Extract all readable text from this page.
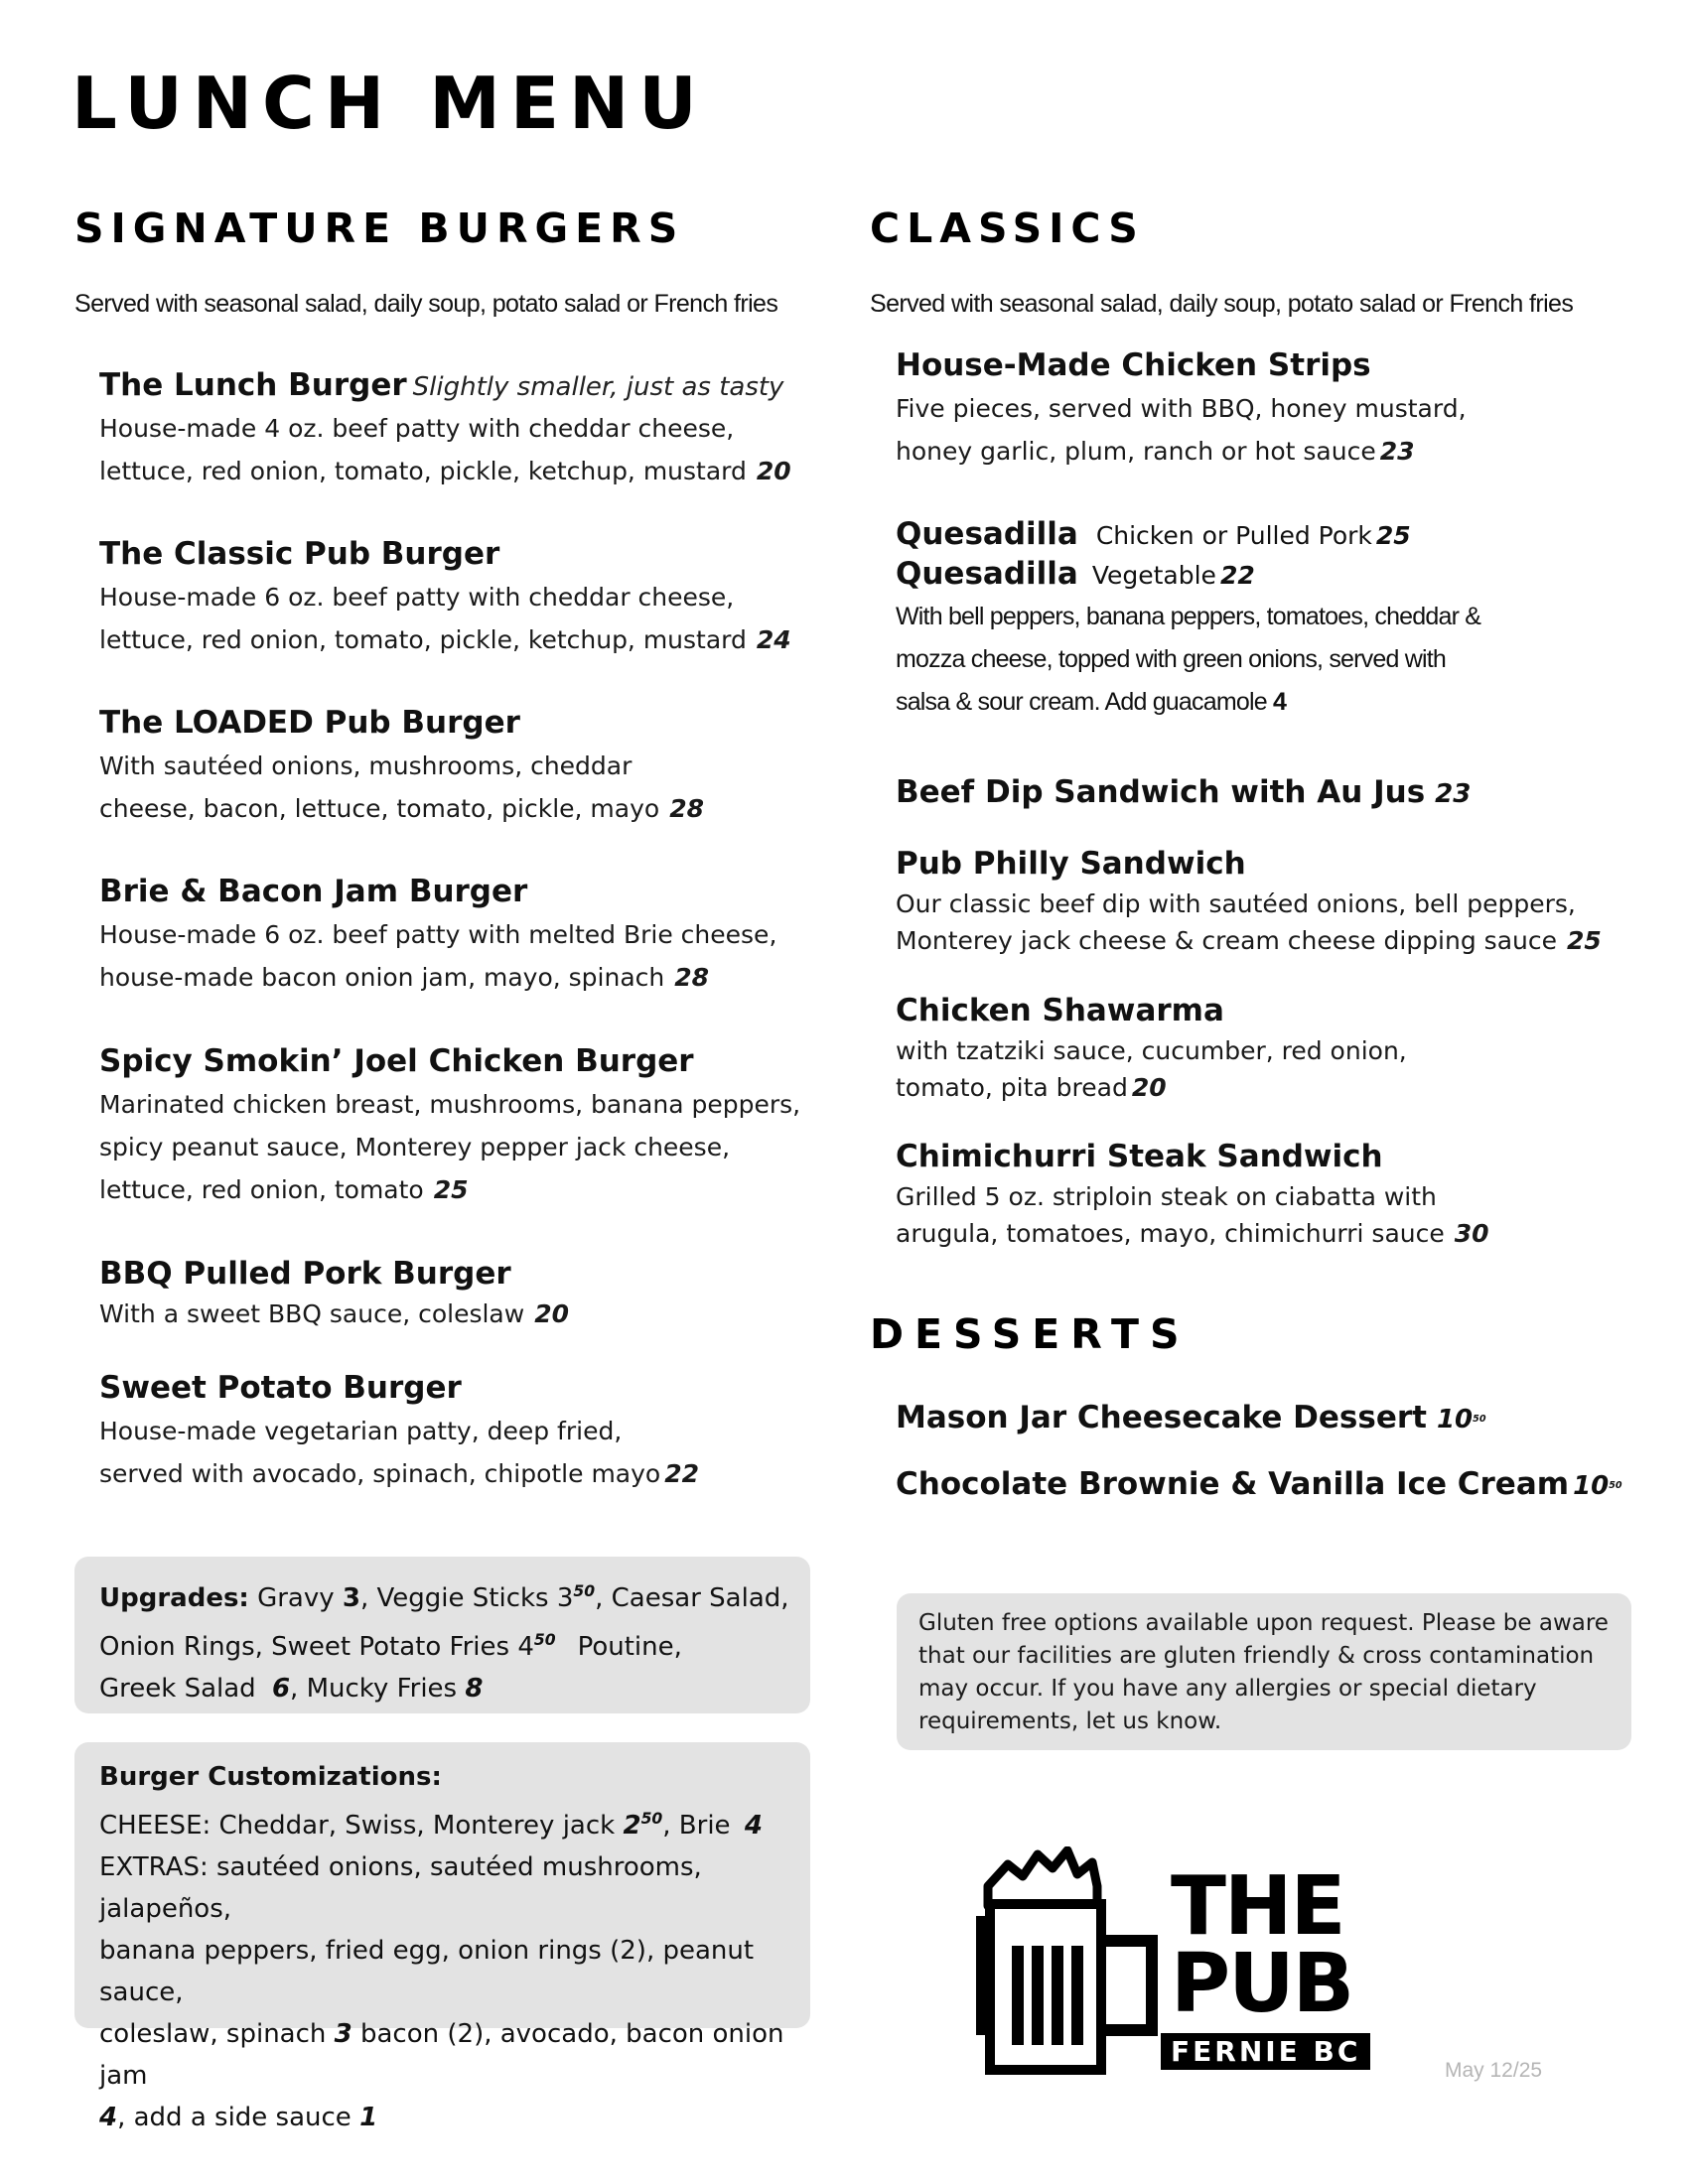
LUNCH MENU
SIGNATURE BURGERS
Served with seasonal salad, daily soup, potato salad or French fries
The Lunch Burger Slightly smaller, just as tasty
House-made 4 oz. beef patty with cheddar cheese,
lettuce, red onion, tomato, pickle, ketchup, mustard 20
The Classic Pub Burger
House-made 6 oz. beef patty with cheddar cheese,
lettuce, red onion, tomato, pickle, ketchup, mustard 24
The LOADED Pub Burger
With sautéed onions, mushrooms, cheddar
cheese, bacon, lettuce, tomato, pickle, mayo 28
Brie & Bacon Jam Burger
House-made 6 oz. beef patty with melted Brie cheese,
house-made bacon onion jam, mayo, spinach 28
Spicy Smokin’ Joel Chicken Burger
Marinated chicken breast, mushrooms, banana peppers,
spicy peanut sauce, Monterey pepper jack cheese,
lettuce, red onion, tomato 25
BBQ Pulled Pork Burger
With a sweet BBQ sauce, coleslaw 20
Sweet Potato Burger
House-made vegetarian patty, deep fried,
served with avocado, spinach, chipotle mayo 22
Upgrades: Gravy 3, Veggie Sticks $3^{50}$, Caesar Salad,
Onion Rings, Sweet Potato Fries $4^{50}$ Poutine,
Greek Salad 6, Mucky Fries 8
Burger Customizations:
CHEESE: Cheddar, Swiss, Monterey jack $2^{50}$, Brie 4
EXTRAS: sautéed onions, sautéed mushrooms, jalapeños,
banana peppers, fried egg, onion rings (2), peanut sauce,
coleslaw, spinach 3 bacon (2), avocado, bacon onion jam
4, add a side sauce 1
CLASSICS
Served with seasonal salad, daily soup, potato salad or French fries
House-Made Chicken Strips
Five pieces, served with BBQ, honey mustard,
honey garlic, plum, ranch or hot sauce 23
Quesadilla Chicken or Pulled Pork 25
Quesadilla Vegetable 22
With bell peppers, banana peppers, tomatoes, cheddar &
mozza cheese, topped with green onions, served with
salsa & sour cream. Add guacamole 4
Beef Dip Sandwich with Au Jus 23
Pub Philly Sandwich
Our classic beef dip with sautéed onions, bell peppers,
Monterey jack cheese & cream cheese dipping sauce 25
Chicken Shawarma
with tzatziki sauce, cucumber, red onion,
tomato, pita bread 20
Chimichurri Steak Sandwich
Grilled 5 oz. striploin steak on ciabatta with
arugula, tomatoes, mayo, chimichurri sauce 30
DESSERTS
Mason Jar Cheesecake Dessert $10^{50}$
Chocolate Brownie & Vanilla Ice Cream $10^{50}$
Gluten free options available upon request. Please be aware
that our facilities are gluten friendly & cross contamination
may occur. If you have any allergies or special dietary
requirements, let us know.
THE
PUB
FERNIE BC
May 12/25
